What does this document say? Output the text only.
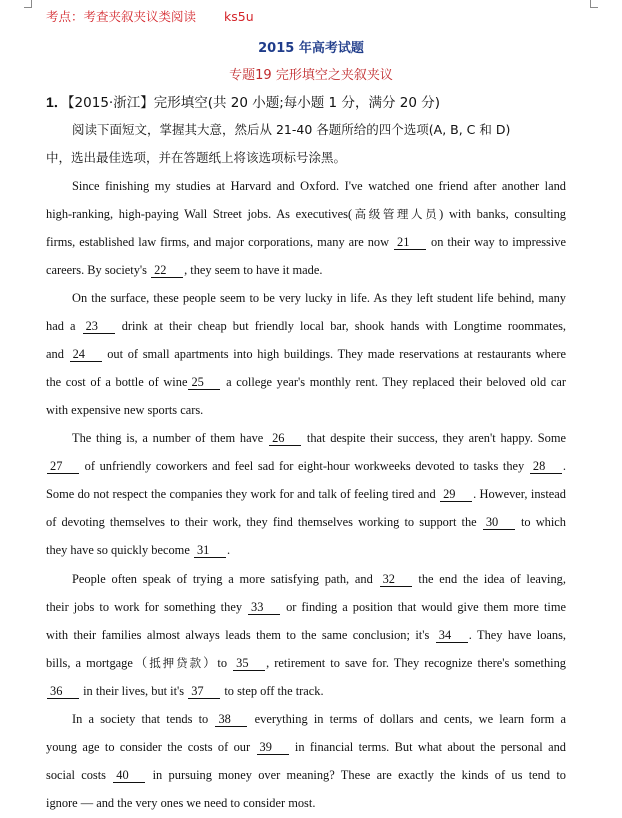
考点：考查夹叙夹议类阅读 ks5u
2015 年高考试题
专题19 完形填空之夹叙夹议
1．【2015·浙江】完形填空(共 20 小题;每小题 1 分，满分 20 分)
阅读下面短文，掌握其大意，然后从 21-40 各题所给的四个选项(A, B, C 和 D)
中，选出最佳选项，并在答题纸上将该选项标号涂黑。
Since finishing my studies at Harvard and Oxford. I've watched one friend after another land
high-ranking, high-paying Wall Street jobs. As executives(高级管理人员) with banks, consulting
firms, established law firms, and major corporations, many are now 21 on their way to impressive
careers. By society's 22 , they seem to have it made.
On the surface, these people seem to be very lucky in life. As they left student life behind, many
had a 23 drink at their cheap but friendly local bar, shook hands with Longtime roommates,
and 24 out of small apartments into high buildings. They made reservations at restaurants where
the cost of a bottle of wine 25 a college year's monthly rent. They replaced their beloved old car
with expensive new sports cars.
The thing is, a number of them have 26 that despite their success, they aren't happy. Some
27 of unfriendly coworkers and feel sad for eight-hour workweeks devoted to tasks they 28 .
Some do not respect the companies they work for and talk of feeling tired and 29 . However, instead
of devoting themselves to their work, they find themselves working to support the 30 to which
they have so quickly become 31 .
People often speak of trying a more satisfying path, and 32 the end the idea of leaving,
their jobs to work for something they 33 or finding a position that would give them more time
with their families almost always leads them to the same conclusion; it's 34 . They have loans,
bills, a mortgage（抵押贷款）to 35 , retirement to save for. They recognize there's something
36 in their lives, but it's 37 to step off the track.
In a society that tends to 38 everything in terms of dollars and cents, we learn form a
young age to consider the costs of our 39 in financial terms. But what about the personal and
social costs 40 in pursuing money over meaning? These are exactly the kinds of us tend to
ignore — and the very ones we need to consider most.
